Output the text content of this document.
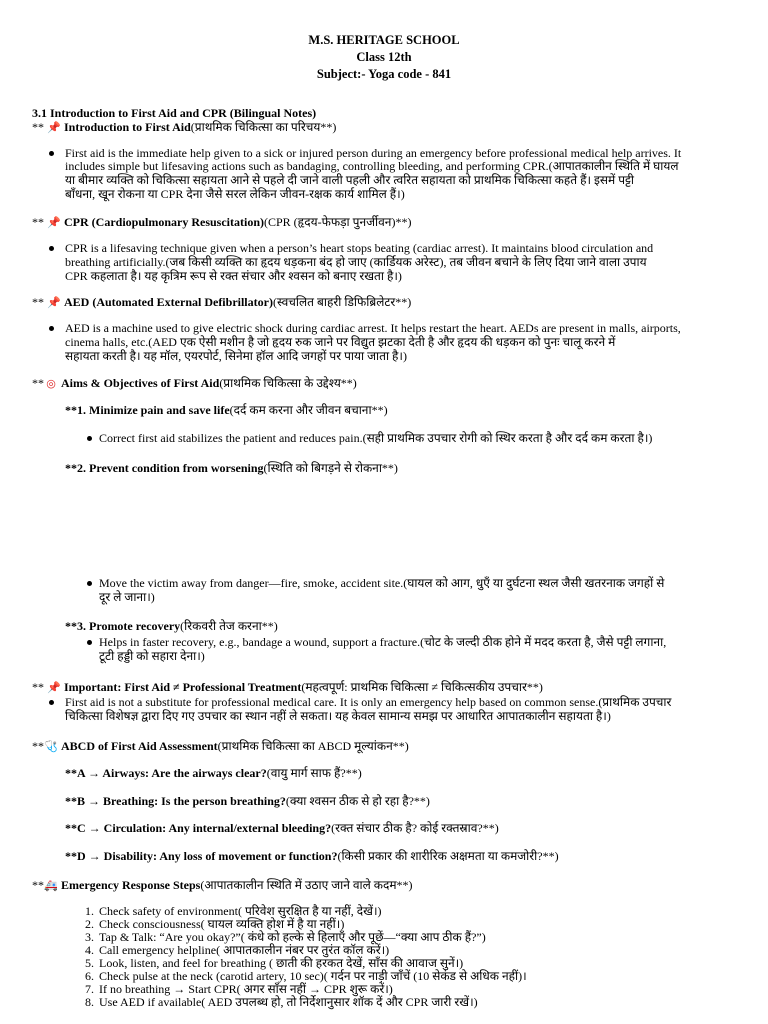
M.S. HERITAGE SCHOOL
Class 12th
Subject:- Yoga code - 841
3.1 Introduction to First Aid and CPR (Bilingual Notes)
** 📌 Introduction to First Aid(प्राथमिक चिकित्सा का परिचय**)
First aid is the immediate help given to a sick or injured person during an emergency before professional medical help arrives. It
includes simple but lifesaving actions such as bandaging, controlling bleeding, and performing CPR.(आपातकालीन स्थिति में घायल
या बीमार व्यक्ति को चिकित्सा सहायता आने से पहले दी जाने वाली पहली और त्वरित सहायता को प्राथमिक चिकित्सा कहते हैं। इसमें पट्टी
बाँधना, खून रोकना या CPR देना जैसे सरल लेकिन जीवन-रक्षक कार्य शामिल हैं।)
** 📌 CPR (Cardiopulmonary Resuscitation)(CPR (हृदय-फेफड़ा पुनर्जीवन)**)
CPR is a lifesaving technique given when a person’s heart stops beating (cardiac arrest). It maintains blood circulation and
breathing artificially.(जब किसी व्यक्ति का हृदय धड़कना बंद हो जाए (कार्डियक अरेस्ट), तब जीवन बचाने के लिए दिया जाने वाला उपाय
CPR कहलाता है। यह कृत्रिम रूप से रक्त संचार और श्वसन को बनाए रखता है।)
** 📌 AED (Automated External Defibrillator)(स्वचलित बाहरी डिफिब्रिलेटर**)
AED is a machine used to give electric shock during cardiac arrest. It helps restart the heart. AEDs are present in malls, airports,
cinema halls, etc.(AED एक ऐसी मशीन है जो हृदय रुक जाने पर विद्युत झटका देती है और हृदय की धड़कन को पुनः चालू करने में
सहायता करती है। यह मॉल, एयरपोर्ट, सिनेमा हॉल आदि जगहों पर पाया जाता है।)
** ◎ Aims & Objectives of First Aid(प्राथमिक चिकित्सा के उद्देश्य**)
**1. Minimize pain and save life(दर्द कम करना और जीवन बचाना**)
Correct first aid stabilizes the patient and reduces pain.(सही प्राथमिक उपचार रोगी को स्थिर करता है और दर्द कम करता है।)
**2. Prevent condition from worsening(स्थिति को बिगड़ने से रोकना**)
Move the victim away from danger—fire, smoke, accident site.(घायल को आग, धुएँ या दुर्घटना स्थल जैसी खतरनाक जगहों से
दूर ले जाना।)
**3. Promote recovery(रिकवरी तेज करना**)
Helps in faster recovery, e.g., bandage a wound, support a fracture.(चोट के जल्दी ठीक होने में मदद करता है, जैसे पट्टी लगाना,
टूटी हड्डी को सहारा देना।)
** 📌 Important: First Aid ≠ Professional Treatment(महत्वपूर्ण: प्राथमिक चिकित्सा ≠ चिकित्सकीय उपचार**)
First aid is not a substitute for professional medical care. It is only an emergency help based on common sense.(प्राथमिक उपचार
चिकित्सा विशेषज्ञ द्वारा दिए गए उपचार का स्थान नहीं ले सकता। यह केवल सामान्य समझ पर आधारित आपातकालीन सहायता है।)
**🩺 ABCD of First Aid Assessment(प्राथमिक चिकित्सा का ABCD मूल्यांकन**)
**A → Airways: Are the airways clear?(वायु मार्ग साफ हैं?**)
**B → Breathing: Is the person breathing?(क्या श्वसन ठीक से हो रहा है?**)
**C → Circulation: Any internal/external bleeding?(रक्त संचार ठीक है? कोई रक्तस्राव?**)
**D → Disability: Any loss of movement or function?(किसी प्रकार की शारीरिक अक्षमता या कमजोरी?**)
**🚑 Emergency Response Steps(आपातकालीन स्थिति में उठाए जाने वाले कदम**)
1. Check safety of environment( परिवेश सुरक्षित है या नहीं, देखें।)
2. Check consciousness( घायल व्यक्ति होश में है या नहीं।)
3. Tap & Talk: “Are you okay?”( कंधे को हल्के से हिलाएँ और पूछें—“क्या आप ठीक हैं?”)
4. Call emergency helpline( आपातकालीन नंबर पर तुरंत कॉल करें।)
5. Look, listen, and feel for breathing ( छाती की हरकत देखें, साँस की आवाज सुनें।)
6. Check pulse at the neck (carotid artery, 10 sec)( गर्दन पर नाड़ी जाँचें (10 सेकंड से अधिक नहीं)।
7. If no breathing → Start CPR( अगर साँस नहीं → CPR शुरू करें।)
8. Use AED if available( AED उपलब्ध हो, तो निर्देशानुसार शॉक दें और CPR जारी रखें।)
